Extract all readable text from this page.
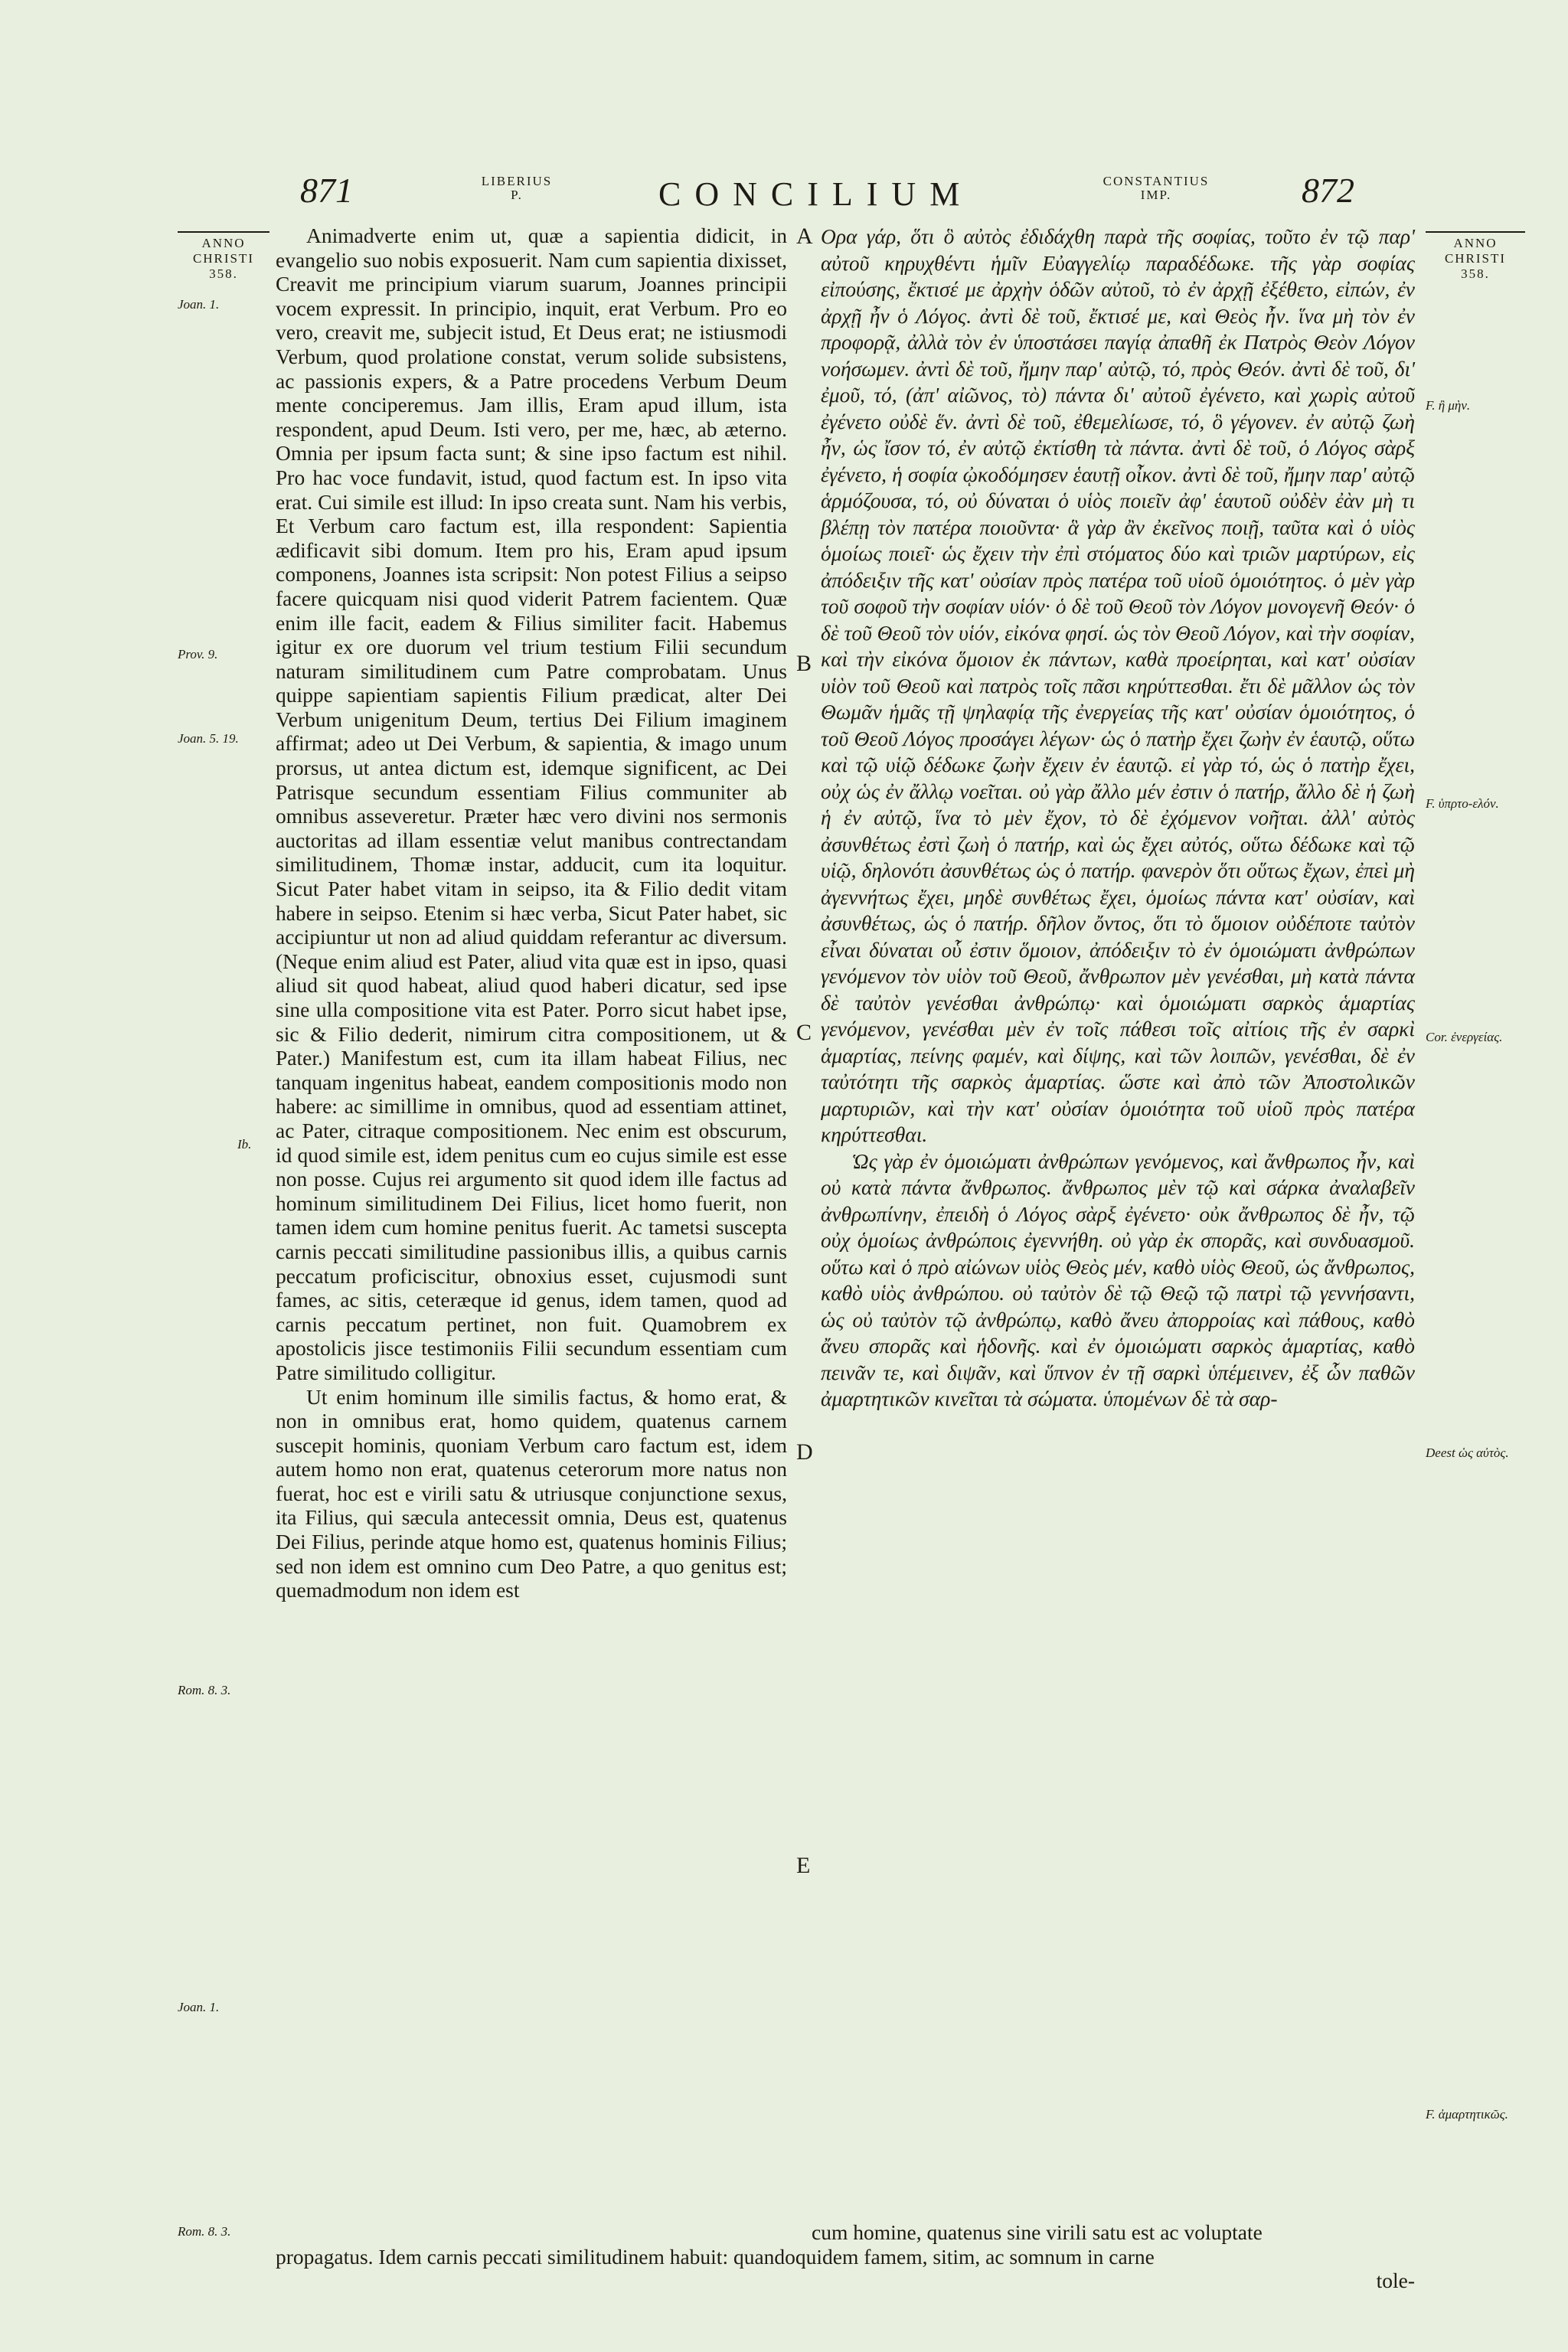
871	LIBERIUS
P.	CONCILIUM	CONSTANTIUS
IMP.	872
ANNO
CHRISTI
358.
Joan. 1.
Prov. 9.
Joan. 5. 19.
Ib.
Rom. 8. 3.
Joan. 1.
Rom. 8. 3.
ANNO
CHRISTI
358.
F. ἢ μὴν.
F. ὑπρτο-ελόν.
Cor. ἐνεργείας.
Deest ὡς αὐτὸς.
F. ἀμαρτητικῶς.
A
B
C
D
E

Animadverte enim ut, quæ a sapientia didicit, in evangelio suo nobis exposuerit. Nam cum sapientia dixisset, Creavit me principium viarum suarum, Joannes principii vocem expressit. In principio, inquit, erat Verbum. Pro eo vero, creavit me, subjecit istud, Et Deus erat; ne istiusmodi Verbum, quod prolatione constat, verum solide subsistens, ac passionis expers, & a Patre procedens Verbum Deum mente conciperemus. Jam illis, Eram apud illum, ista respondent, apud Deum. Isti vero, per me, hæc, ab æterno. Omnia per ipsum facta sunt; & sine ipso factum est nihil. Pro hac voce fundavit, istud, quod factum est. In ipso vita erat. Cui simile est illud: In ipso creata sunt. Nam his verbis, Et Verbum caro factum est, illa respondent: Sapientia ædificavit sibi domum. Item pro his, Eram apud ipsum componens, Joannes ista scripsit: Non potest Filius a seipso facere quicquam nisi quod viderit Patrem facientem. Quæ enim ille facit, eadem & Filius similiter facit. Habemus igitur ex ore duorum vel trium testium Filii secundum naturam similitudinem cum Patre comprobatam. Unus quippe sapientiam sapientis Filium prædicat, alter Dei Verbum unigenitum Deum, tertius Dei Filium imaginem affirmat; adeo ut Dei Verbum, & sapientia, & imago unum prorsus, ut antea dictum est, idemque significent, ac Dei Patrisque secundum essentiam Filius communiter ab omnibus asseveretur. Præter hæc vero divini nos sermonis auctoritas ad illam essentiæ velut manibus contrectandam similitudinem, Thomæ instar, adducit, cum ita loquitur. Sicut Pater habet vitam in seipso, ita & Filio dedit vitam habere in seipso. Etenim si hæc verba, Sicut Pater habet, sic accipiuntur ut non ad aliud quiddam referantur ac diversum. (Neque enim aliud est Pater, aliud vita quæ est in ipso, quasi aliud sit quod habeat, aliud quod haberi dicatur, sed ipse sine ulla compositione vita est Pater. Porro sicut habet ipse, sic & Filio dederit, nimirum citra compositionem, ut & Pater.) Manifestum est, cum ita illam habeat Filius, nec tanquam ingenitus habeat, eandem compositionis modo non habere: ac simillime in omnibus, quod ad essentiam attinet, ac Pater, citraque compositionem. Nec enim est obscurum, id quod simile est, idem penitus cum eo cujus simile est esse non posse. Cujus rei argumento sit quod idem ille factus ad hominum similitudinem Dei Filius, licet homo fuerit, non tamen idem cum homine penitus fuerit. Ac tametsi suscepta carnis peccati similitudine passionibus illis, a quibus carnis peccatum proficiscitur, obnoxius esset, cujusmodi sunt fames, ac sitis, ceteræque id genus, idem tamen, quod ad carnis peccatum pertinet, non fuit. Quamobrem ex apostolicis jisce testimoniis Filii secundum essentiam cum Patre similitudo colligitur.

Ut enim hominum ille similis factus, & homo erat, & non in omnibus erat, homo quidem, quatenus carnem suscepit hominis, quoniam Verbum caro factum est, idem autem homo non erat, quatenus ceterorum more natus non fuerat, hoc est e virili satu & utriusque conjunctione sexus, ita Filius, qui sæcula antecessit omnia, Deus est, quatenus Dei Filius, perinde atque homo est, quatenus hominis Filius; sed non idem est omnino cum Deo Patre, a quo genitus est; quemadmodum non idem est

Ορα γάρ, ὅτι ὃ αὐτὸς ἐδιδάχθη παρὰ τῆς σοφίας, τοῦτο ἐν τῷ παρ' αὐτοῦ κηρυχθέντι ἡμῖν Εὐαγγελίῳ παραδέδωκε. τῆς γὰρ σοφίας εἰπούσης, ἔκτισέ με ἀρχὴν ὁδῶν αὐτοῦ, τὸ ἐν ἀρχῇ ἐξέθετο, εἰπών, ἐν ἀρχῇ ἦν ὁ Λόγος. ἀντὶ δὲ τοῦ, ἔκτισέ με, καὶ Θεὸς ἦν. ἵνα μὴ τὸν ἐν προφορᾷ, ἀλλὰ τὸν ἐν ὑποστάσει παγίᾳ ἀπαθῆ ἐκ Πατρὸς Θεὸν Λόγον νοήσωμεν. ἀντὶ δὲ τοῦ, ἤμην παρ' αὐτῷ, τό, πρὸς Θεόν. ἀντὶ δὲ τοῦ, δι' ἐμοῦ, τό, (ἀπ' αἰῶνος, τὸ) πάντα δι' αὐτοῦ ἐγένετο, καὶ χωρὶς αὐτοῦ ἐγένετο οὐδὲ ἕν. ἀντὶ δὲ τοῦ, ἐθεμελίωσε, τό, ὃ γέγονεν. ἐν αὐτῷ ζωὴ ἦν, ὡς ἴσον τό, ἐν αὐτῷ ἐκτίσθη τὰ πάντα. ἀντὶ δὲ τοῦ, ὁ Λόγος σὰρξ ἐγένετο, ἡ σοφία ᾠκοδόμησεν ἑαυτῇ οἶκον. ἀντὶ δὲ τοῦ, ἤμην παρ' αὐτῷ ἁρμόζουσα, τό, οὐ δύναται ὁ υἱὸς ποιεῖν ἀφ' ἑαυτοῦ οὐδὲν ἐὰν μὴ τι βλέπῃ τὸν πατέρα ποιοῦντα· ἃ γὰρ ἂν ἐκεῖνος ποιῇ, ταῦτα καὶ ὁ υἱὸς ὁμοίως ποιεῖ· ὡς ἔχειν τὴν ἐπὶ στόματος δύο καὶ τριῶν μαρτύρων, εἰς ἀπόδειξιν τῆς κατ' οὐσίαν πρὸς πατέρα τοῦ υἱοῦ ὁμοιότητος. ὁ μὲν γὰρ τοῦ σοφοῦ τὴν σοφίαν υἱόν· ὁ δὲ τοῦ Θεοῦ τὸν Λόγον μονογενῆ Θεόν· ὁ δὲ τοῦ Θεοῦ τὸν υἱόν, εἰκόνα φησί. ὡς τὸν Θεοῦ Λόγον, καὶ τὴν σοφίαν, καὶ τὴν εἰκόνα ὅμοιον ἐκ πάντων, καθὰ προείρηται, καὶ κατ' οὐσίαν υἱὸν τοῦ Θεοῦ καὶ πατρὸς τοῖς πᾶσι κηρύττεσθαι. ἔτι δὲ μᾶλλον ὡς τὸν Θωμᾶν ἡμᾶς τῇ ψηλαφίᾳ τῆς ἐνεργείας τῆς κατ' οὐσίαν ὁμοιότητος, ὁ τοῦ Θεοῦ Λόγος προσάγει λέγων· ὡς ὁ πατὴρ ἔχει ζωὴν ἐν ἑαυτῷ, οὕτω καὶ τῷ υἱῷ δέδωκε ζωὴν ἔχειν ἐν ἑαυτῷ. εἰ γὰρ τό, ὡς ὁ πατὴρ ἔχει, οὐχ ὡς ἐν ἄλλῳ νοεῖται. οὐ γὰρ ἄλλο μέν ἐστιν ὁ πατήρ, ἄλλο δὲ ἡ ζωὴ ἡ ἐν αὐτῷ, ἵνα τὸ μὲν ἔχον, τὸ δὲ ἐχόμενον νοῆται. ἀλλ' αὐτὸς ἀσυνθέτως ἐστὶ ζωὴ ὁ πατήρ, καὶ ὡς ἔχει αὐτός, οὕτω δέδωκε καὶ τῷ υἱῷ, δηλονότι ἀσυνθέτως ὡς ὁ πατήρ. φανερὸν ὅτι οὕτως ἔχων, ἐπεὶ μὴ ἀγεννήτως ἔχει, μηδὲ συνθέτως ἔχει, ὁμοίως πάντα κατ' οὐσίαν, καὶ ἀσυνθέτως, ὡς ὁ πατήρ. δῆλον ὄντος, ὅτι τὸ ὅμοιον οὐδέποτε ταὐτὸν εἶναι δύναται οὗ ἐστιν ὅμοιον, ἀπόδειξιν τὸ ἐν ὁμοιώματι ἀνθρώπων γενόμενον τὸν υἱὸν τοῦ Θεοῦ, ἄνθρωπον μὲν γενέσθαι, μὴ κατὰ πάντα δὲ ταὐτὸν γενέσθαι ἀνθρώπῳ· καὶ ὁμοιώματι σαρκὸς ἁμαρτίας γενόμενον, γενέσθαι μὲν ἐν τοῖς πάθεσι τοῖς αἰτίοις τῆς ἐν σαρκὶ ἁμαρτίας, πείνης φαμέν, καὶ δίψης, καὶ τῶν λοιπῶν, γενέσθαι, δὲ ἐν ταὐτότητι τῆς σαρκὸς ἁμαρτίας. ὥστε καὶ ἀπὸ τῶν Ἀποστολικῶν μαρτυριῶν, καὶ τὴν κατ' οὐσίαν ὁμοιότητα τοῦ υἱοῦ πρὸς πατέρα κηρύττεσθαι.

Ὡς γὰρ ἐν ὁμοιώματι ἀνθρώπων γενόμενος, καὶ ἄνθρωπος ἦν, καὶ οὐ κατὰ πάντα ἄνθρωπος. ἄνθρωπος μὲν τῷ καὶ σάρκα ἀναλαβεῖν ἀνθρωπίνην, ἐπειδὴ ὁ Λόγος σὰρξ ἐγένετο· οὐκ ἄνθρωπος δὲ ἦν, τῷ οὐχ ὁμοίως ἀνθρώποις ἐγεννήθη. οὐ γὰρ ἐκ σπορᾶς, καὶ συνδυασμοῦ. οὕτω καὶ ὁ πρὸ αἰώνων υἱὸς Θεὸς μέν, καθὸ υἱὸς Θεοῦ, ὡς ἄνθρωπος, καθὸ υἱὸς ἀνθρώπου. οὐ ταὐτὸν δὲ τῷ Θεῷ τῷ πατρὶ τῷ γεννήσαντι, ὡς οὐ ταὐτὸν τῷ ἀνθρώπῳ, καθὸ ἄνευ ἀπορροίας καὶ πάθους, καθὸ ἄνευ σπορᾶς καὶ ἡδονῆς. καὶ ἐν ὁμοιώματι σαρκὸς ἁμαρτίας, καθὸ πεινᾶν τε, καὶ διψᾶν, καὶ ὕπνον ἐν τῇ σαρκὶ ὑπέμεινεν, ἐξ ὧν παθῶν ἀμαρτητικῶν κινεῖται τὰ σώματα. ὑπομένων δὲ τὰ σαρ-

cum homine, quatenus sine virili satu est ac voluptate
propagatus. Idem carnis peccati similitudinem habuit: quandoquidem famem, sitim, ac somnum in carne
tole-
